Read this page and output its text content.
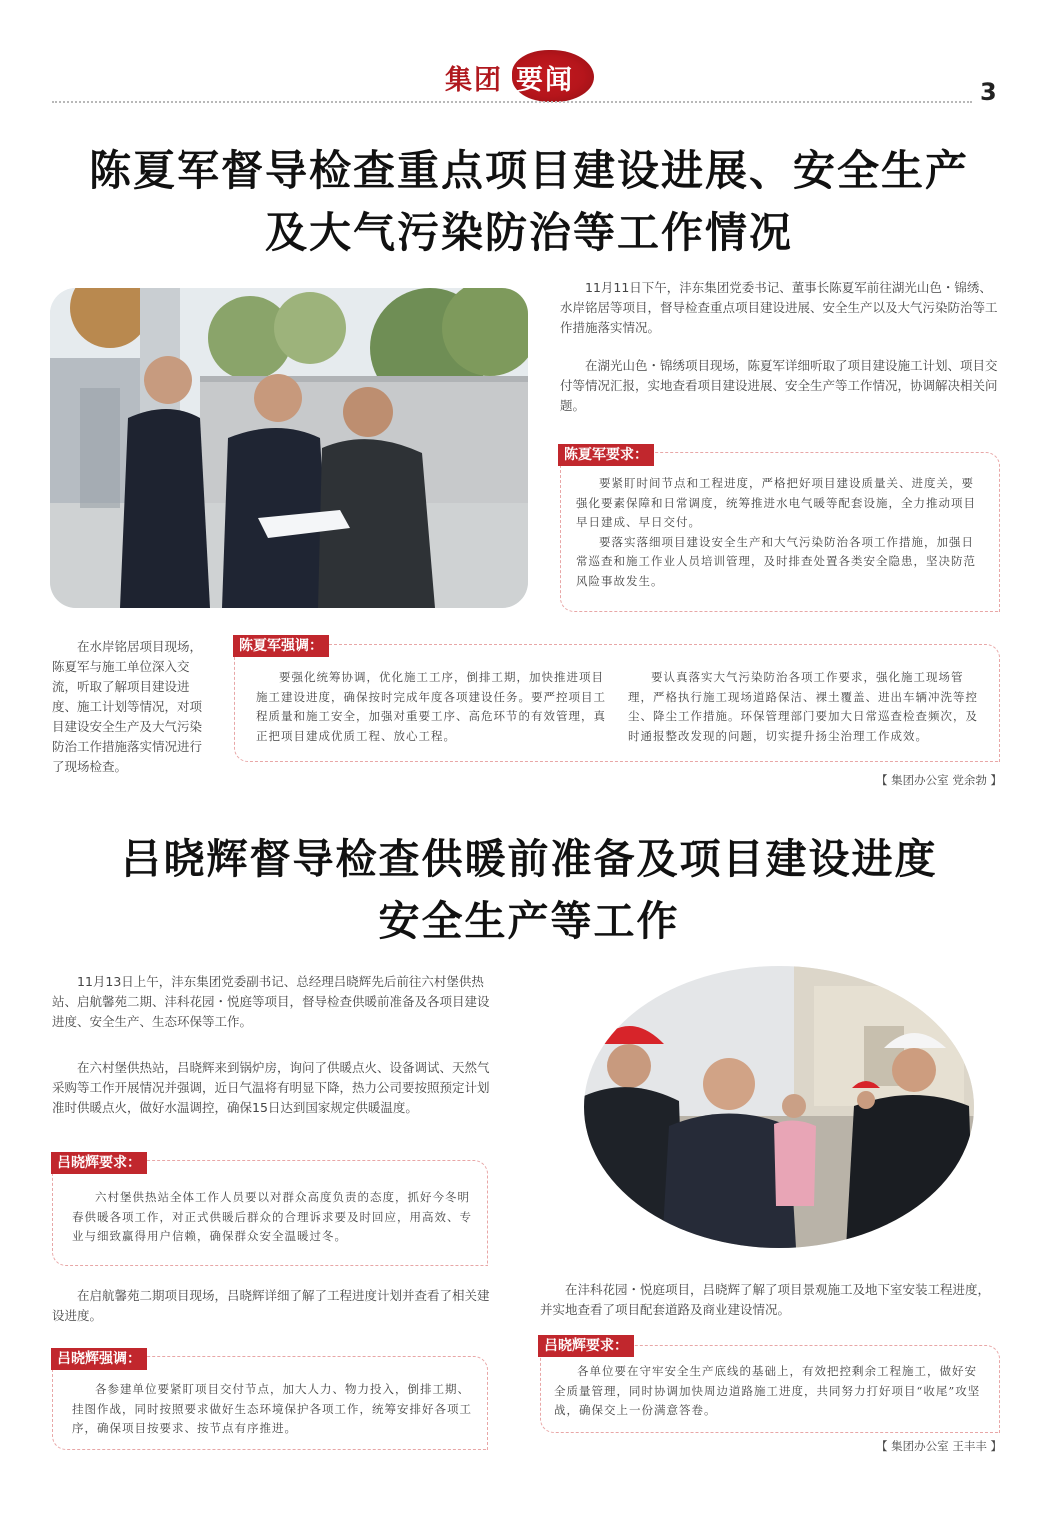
集团 要闻	3
陈夏军督导检查重点项目建设进展、安全生产
及大气污染防治等工作情况

11月11日下午，沣东集团党委书记、董事长陈夏军前往湖光山色・锦绣、水岸铭居等项目，督导检查重点项目建设进展、安全生产以及大气污染防治等工作措施落实情况。

在湖光山色・锦绣项目现场，陈夏军详细听取了项目建设施工计划、项目交付等情况汇报，实地查看项目建设进展、安全生产等工作情况，协调解决相关问题。

陈夏军要求：

要紧盯时间节点和工程进度，严格把好项目建设质量关、进度关，要强化要素保障和日常调度，统筹推进水电气暖等配套设施，全力推动项目早日建成、早日交付。

要落实落细项目建设安全生产和大气污染防治各项工作措施，加强日常巡查和施工作业人员培训管理，及时排查处置各类安全隐患，坚决防范风险事故发生。

在水岸铭居项目现场，陈夏军与施工单位深入交流，听取了解项目建设进度、施工计划等情况，对项目建设安全生产及大气污染防治工作措施落实情况进行了现场检查。

陈夏军强调：

要强化统筹协调，优化施工工序，倒排工期，加快推进项目施工建设进度，确保按时完成年度各项建设任务。要严控项目工程质量和施工安全，加强对重要工序、高危环节的有效管理，真正把项目建成优质工程、放心工程。

要认真落实大气污染防治各项工作要求，强化施工现场管理，严格执行施工现场道路保洁、裸土覆盖、进出车辆冲洗等控尘、降尘工作措施。环保管理部门要加大日常巡查检查频次，及时通报整改发现的问题，切实提升扬尘治理工作成效。

【 集团办公室 党余勃 】
吕晓辉督导检查供暖前准备及项目建设进度
安全生产等工作

11月13日上午，沣东集团党委副书记、总经理吕晓辉先后前往六村堡供热站、启航馨苑二期、沣科花园・悦庭等项目，督导检查供暖前准备及各项目建设进度、安全生产、生态环保等工作。

在六村堡供热站，吕晓辉来到锅炉房，询问了供暖点火、设备调试、天然气采购等工作开展情况并强调，近日气温将有明显下降，热力公司要按照预定计划准时供暖点火，做好水温调控，确保15日达到国家规定供暖温度。

吕晓辉要求：

六村堡供热站全体工作人员要以对群众高度负责的态度，抓好今冬明春供暖各项工作，对正式供暖后群众的合理诉求要及时回应，用高效、专业与细致赢得用户信赖，确保群众安全温暖过冬。

在启航馨苑二期项目现场，吕晓辉详细了解了工程进度计划并查看了相关建设进度。

吕晓辉强调：

各参建单位要紧盯项目交付节点，加大人力、物力投入，倒排工期、挂图作战，同时按照要求做好生态环境保护各项工作，统筹安排好各项工序，确保项目按要求、按节点有序推进。

在沣科花园・悦庭项目，吕晓辉了解了项目景观施工及地下室安装工程进度，并实地查看了项目配套道路及商业建设情况。

吕晓辉要求：

各单位要在守牢安全生产底线的基础上，有效把控剩余工程施工，做好安全质量管理，同时协调加快周边道路施工进度，共同努力打好项目“收尾”攻坚战，确保交上一份满意答卷。

【 集团办公室 王丰丰 】
